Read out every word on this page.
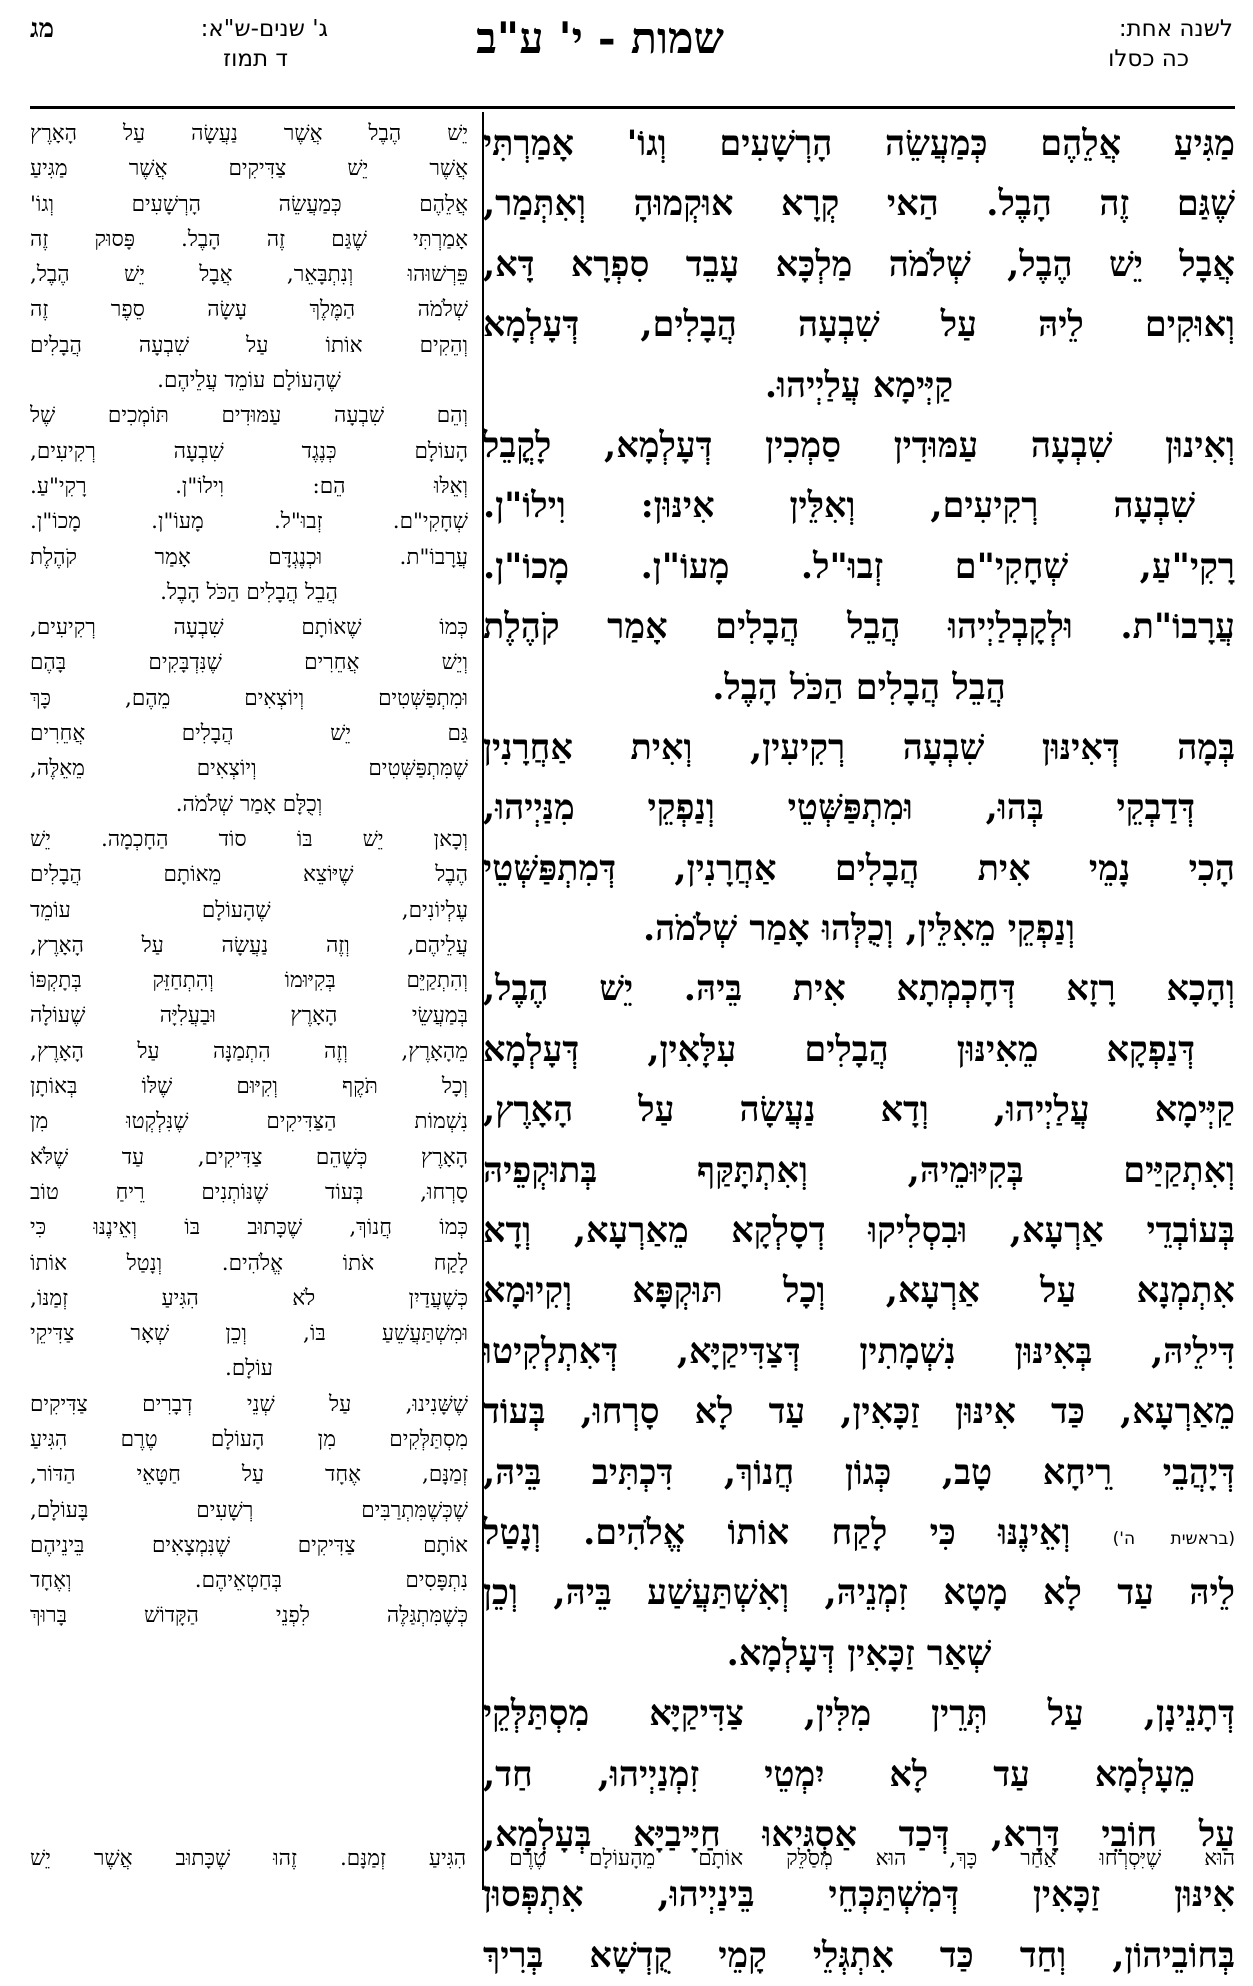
לשנה אחת:
כה כסלו
שמות - י' ע"ב
ג' שנים-ש"א:
ד תמוז
מג
מַגִּיעַ אֲלֵהֶם כְּמַעֲשֵׂה הָרְשָׁעִים וְגוֹ' אָמַרְתִּי
שֶׁגַּם זֶה הָבֶל. הַאי קְרָא אוּקְמוּהָ וְאִתְּמַר,
אֲבָל יֵשׁ הֶבֶל, שְׁלֹמֹה מַלְכָּא עָבֵד סִפְרָא דָּא,
וְאוּקִים לֵיהּ עַל שִׁבְעָה הֲבָלִים, דְּעָלְמָא
קַיְּימָא עֲלַיְיהוּ.
וְאִינוּן שִׁבְעָה עַמּוּדִין סַמְכִין דְּעָלְמָא, לָקֳבֵל
שִׁבְעָה רְקִיעִים, וְאִלֵּין אִינּוּן: וִילוֹ"ן.
רָקִי"עַ, שְׁחָקִי"ם זְבוּ"ל. מָעוֹ"ן. מָכוֹ"ן.
עֲרָבוֹ"ת. וּלְקָבְלַיְיהוּ הֲבֵל הֲבָלִים אָמַר קֹהֶלֶת
הֲבֵל הֲבָלִים הַכֹּל הָבֶל.
בְּמָה דְּאִינּוּן שִׁבְעָה רְקִיעִין, וְאִית אַחֲרָנִין
דְּדַבְקֵי בְּהוּ, וּמִתְפַּשְּׁטֵי וְנַפְקֵי מִנַּיְיהוּ,
הָכִי נָמֵי אִית הֲבָלִים אַחֲרָנִין, דְּמִתְפַּשְּׁטֵי
וְנַפְקֵי מֵאִלֵּין, וְכֻלְּהוּ אָמַר שְׁלֹמֹה.
וְהָכָא רָזָא דְּחָכְמְתָא אִית בֵּיהּ. יֵשׁ הֶבֶל,
דְּנַפְקָא מֵאִינּוּן הֲבָלִים עִלָּאִין, דְּעָלְמָא
קַיְּימָא עֲלַיְיהוּ, וְדָא נַעֲשָׂה עַל הָאָרֶץ,
וְאִתְקַיַּים בְּקִיּוּמֵיהּ, וְאִתְתָּקַּף בְּתוּקְפֵיהּ
בְּעוֹבְדֵי אַרְעָא, וּבִסְלִיקוּ דְסָלְקָא מֵאַרְעָא, וְדָא
אִתְמְנָא עַל אַרְעָא, וְכָל תּוּקְפָּא וְקִיוּמָא
דִּילֵיהּ, בְּאִינּוּן נִשְׁמָתִין דְּצַדִּיקַיָּא, דְּאִתְלְקִיטוּ
מֵאַרְעָא, כַּד אִינּוּן זַכָּאִין, עַד לָא סָרְחוּ, בְּעוֹד
דְּיָהֲבֵי רֵיחָא טָב, כְּגוֹן חֲנוֹךְ, דִּכְתִּיב בֵּיהּ,
(בראשית ה') וְאֵינֶנּוּ כִּי לָקַח אוֹתוֹ אֱלֹהִים. וְנָטַל
לֵיהּ עַד לָא מָטָא זִמְנֵיהּ, וְאִשְׁתַּעֲשַׁע בֵּיהּ, וְכֵן
שְׁאַר זַכָּאִין דְּעָלְמָא.
דְּתָנֵינָן, עַל תְּרֵין מִלִּין, צַדִּיקַיָּא מִסְתַּלְּקֵי
מֵעָלְמָא עַד לָא יִמְטֵי זִמְנַיְיהוּ, חַד,
עַל חוֹבֵי דָּרָא, דְּכַד אַסְגִּיאוּ חַיָּיבַיָּא בְּעָלְמָא,
אִינּוּן זַכָּאִין דְּמִשְׁתַּכְּחֵי בֵּינַיְיהוּ, אִתְפְּסוּן
בְּחוֹבֵיהוֹן, וְחַד כַּד אִתְגְּלֵי קָמֵי קֻדְשָׁא בְּרִיךְ
יֵשׁ הֶבֶל אֲשֶׁר נַעֲשָׂה עַל הָאָרֶץ
אֲשֶׁר יֵשׁ צַדִּיקִים אֲשֶׁר מַגִּיעַ
אֲלֵהֶם כְּמַעֲשֵׂה הָרְשָׁעִים וְגוֹ'
אָמַרְתִּי שֶׁגַּם זֶה הָבֶל. פָּסוּק זֶה
פֵּרְשׁוּהוּ וְנִתְבָּאֵר, אֲבָל יֵשׁ הֶבֶל,
שְׁלֹמֹה הַמֶּלֶךְ עָשָׂה סֵפֶר זֶה
וְהֵקִים אוֹתוֹ עַל שִׁבְעָה הֲבָלִים
שֶׁהָעוֹלָם עוֹמֵד עֲלֵיהֶם.
וְהֵם שִׁבְעָה עַמּוּדִים תּוֹמְכִים שֶׁל
הָעוֹלָם כְּנֶגֶד שִׁבְעָה רְקִיעִים,
וְאֵלּוּ הֵם: וִילוֹ"ן. רָקִי"עַ.
שְׁחָקִי"ם. זְבוּ"ל. מָעוֹ"ן. מָכוֹ"ן.
עֲרָבוֹ"ת. וּכְנֶגְדָּם אָמַר קֹהֶלֶת
הֲבֵל הֲבָלִים הַכֹּל הָבֶל.
כְּמוֹ שֶׁאוֹתָם שִׁבְעָה רְקִיעִים,
וְיֵשׁ אֲחֵרִים שֶׁנִּדְבָּקִים בָּהֶם
וּמִתְפַּשְּׁטִים וְיוֹצְאִים מֵהֶם, כָּךְ
גַּם יֵשׁ הֲבָלִים אֲחֵרִים
שֶׁמִּתְפַּשְּׁטִים וְיוֹצְאִים מֵאֵלֶּה,
וְכֻלָּם אָמַר שְׁלֹמֹה.
וְכָאן יֵשׁ בּוֹ סוֹד הַחָכְמָה. יֵשׁ
הֶבֶל שֶׁיּוֹצֵא מֵאוֹתָם הֲבָלִים
עֶלְיוֹנִים, שֶׁהָעוֹלָם עוֹמֵד
עֲלֵיהֶם, וְזֶה נַעֲשָׂה עַל הָאָרֶץ,
וְהִתְקַיֵּם בְּקִיּוּמוֹ וְהִתְחַזֵּק בְּתָקְפּוֹ
בְּמַעֲשֵׂי הָאָרֶץ וּבַעֲלִיָּה שֶׁעוֹלָה
מֵהָאָרֶץ, וְזֶה הִתְמַנָּה עַל הָאָרֶץ,
וְכָל תֹּקֶף וְקִיּוּם שֶׁלּוֹ בְּאוֹתָן
נִשְׁמוֹת הַצַּדִּיקִים שֶׁנִּלְקְטוּ מִן
הָאָרֶץ כְּשֶׁהֵם צַדִּיקִים, עַד שֶׁלֹּא
סָרְחוּ, בְּעוֹד שֶׁנּוֹתְנִים רֵיחַ טוֹב
כְּמוֹ חֲנוֹךְ, שֶׁכָּתוּב בּוֹ וְאֵינֶנּוּ כִּי
לָקַח אֹתוֹ אֱלֹהִים. וְנָטַל אוֹתוֹ
כְּשֶׁעֲדַיִן לֹא הִגִּיעַ זְמַנּוֹ,
וּמִשְׁתַּעֲשֵׁעַ בּוֹ, וְכֵן שְׁאָר צַדִּיקֵי
עוֹלָם.
שֶׁשָּׁנִינוּ, עַל שְׁנֵי דְבָרִים צַדִּיקִים
מִסְתַּלְּקִים מִן הָעוֹלָם טֶרֶם הִגִּיעַ
זְמַנָּם, אֶחָד עַל חַטָּאֵי הַדּוֹר,
שֶׁכְּשֶׁמִּתְרַבִּים רְשָׁעִים בָּעוֹלָם,
אוֹתָם צַדִּיקִים שֶׁנִּמְצָאִים בֵּינֵיהֶם
נִתְפָּסִים בְּחַטְאֵיהֶם. וְאֶחָד
כְּשֶׁמִּתְגַּלֶּה לִפְנֵי הַקָּדוֹשׁ בָּרוּךְ
הוּא שֶׁיִּסְרְחוּ אַחַר כָּךְ, הוּא מְסַלֵּק אוֹתָם מֵהָעוֹלָם טֶרֶם הִגִּיעַ זְמַנָּם. זֶהוּ שֶׁכָּתוּב אֲשֶׁר יֵשׁ
